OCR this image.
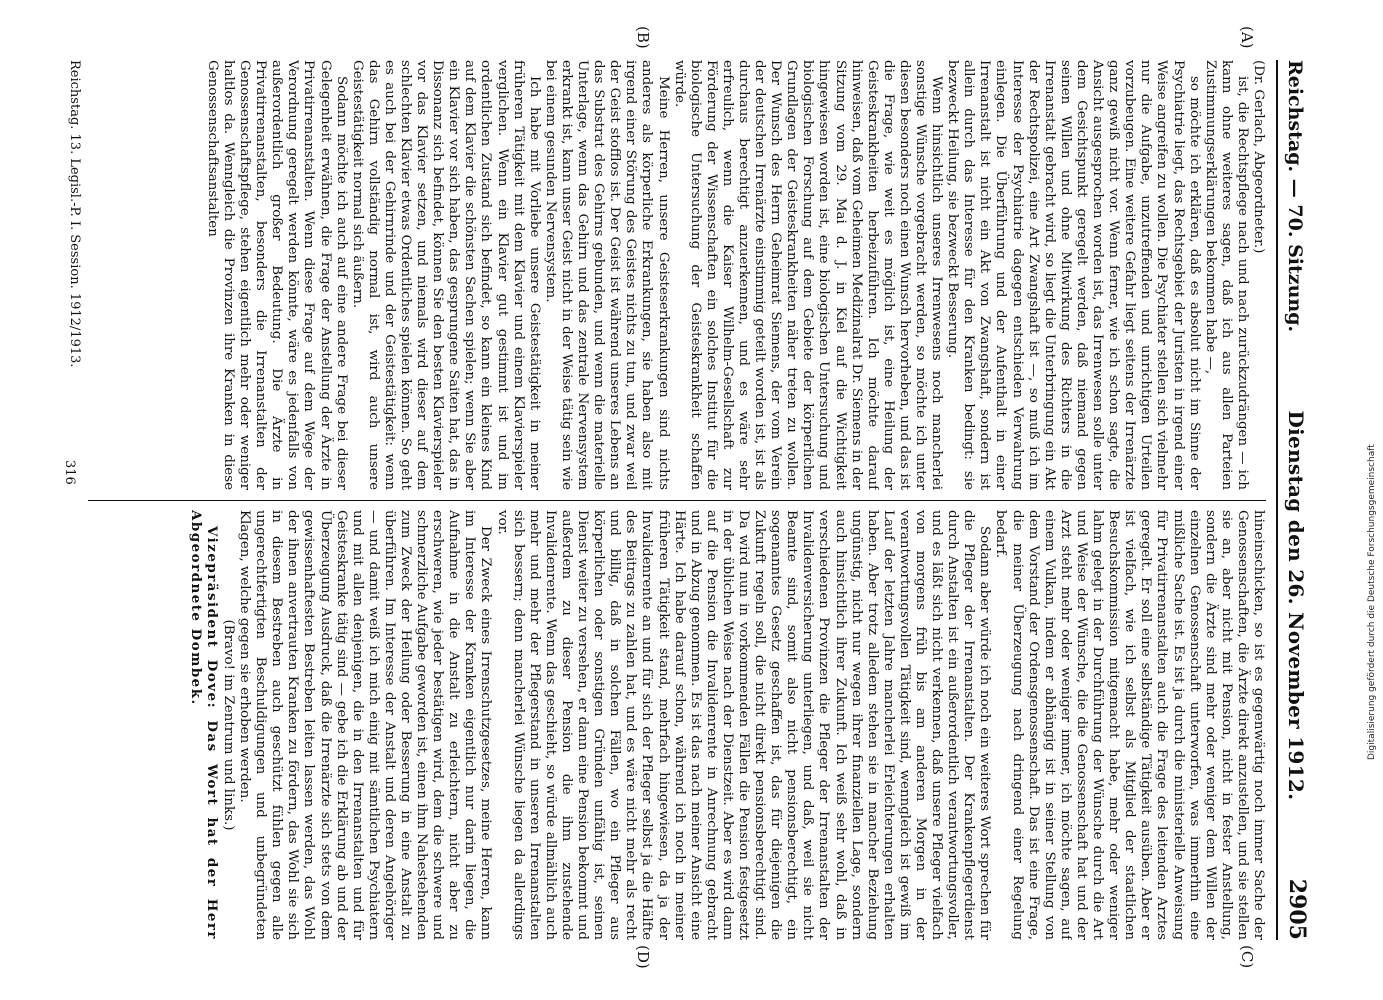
Reichstag. — 70. Sitzung.
Dienstag den 26. November 1912.
2905
(A)
(B)
(C)
(D)

(Dr. Gerlach, Abgeordneter.)

ist, die Rechtspflege nach und nach zurückzudrängen — ich kann ohne weiteres sagen, daß ich aus allen Parteien Zustimmungserklärungen bekommen habe —,

so möchte ich erklären, daß es absolut nicht im Sinne der Psychiatrie liegt, das Rechtsgebiet der Juristen in irgend einer Weise angreifen zu wollen. Die Psychiater stellen sich vielmehr nur die Aufgabe, unzutreffenden und unrichtigen Urteilen vorzubeugen. Eine weitere Gefahr liegt seitens der Irrenärzte ganz gewiß nicht vor. Wenn ferner, wie ich schon sagte, die Ansicht ausgesprochen worden ist, das Irrenwesen solle unter dem Gesichtspunkt geregelt werden, daß niemand gegen seinen Willen und ohne Mitwirkung des Richters in die Irrenanstalt gebracht wird, so liegt die Unterbringung ein Akt der Rechtspolizei, eine Art Zwangshaft ist —, so muß ich im Interesse der Psychiatrie dagegen entschieden Verwahrung einlegen. Die Überführung und der Aufenthalt in einer Irrenanstalt ist nicht ein Akt von Zwangshaft, sondern ist allein durch das Interesse für den Kranken bedingt: sie bezweckt Heilung, sie bezweckt Besserung.

Wenn hinsichtlich unseres Irrenwesens noch mancherlei sonstige Wünsche vorgebracht werden, so möchte ich unter diesen besonders noch einen Wunsch hervorheben, und das ist die Frage, wie weit es möglich ist, eine Heilung der Geisteskrankheiten herbeizuführen. Ich möchte darauf hinweisen, daß vom Geheimen Medizinalrat Dr. Siemens in der Sitzung vom 29. Mai d. J. in Kiel auf die Wichtigkeit hingewiesen worden ist, eine biologischen Untersuchung und biologischen Forschung auf dem Gebiete der körperlichen Grundlagen der Geisteskrankheiten näher treten zu wollen. Der Wunsch des Herrn Geheimrat Siemens, der vom Verein der deutschen Irrenärzte einstimmig geteilt worden ist, ist als durchaus berechtigt anzuerkennen, und es wäre sehr erfreulich, wenn die Kaiser Wilhelm-Gesellschaft zur Förderung der Wissenschaften ein solches Institut für die biologische Untersuchung der Geisteskrankheit schaffen würde.

Meine Herren, unsere Geisteserkrankungen sind nichts anderes als körperliche Erkrankungen, sie haben also mit irgend einer Störung des Geistes nichts zu tun, und zwar weil der Geist stofflos ist. Der Geist ist während unseres Lebens an das Substrat des Gehirns gebunden, und wenn die materielle Unterlage, wenn das Gehirn und das zentrale Nervensystem erkrankt ist, kann unser Geist nicht in der Weise tätig sein wie bei einem gesunden Nervensystem.

Ich habe mit Vorliebe unsere Geistestätigkeit in meiner früheren Tätigkeit mit dem Klavier und einem Klavierspieler verglichen. Wenn ein Klavier gut gestimmt ist und im ordentlichen Zustand sich befindet, so kann ein kleines Kind auf dem Klavier die schönsten Sachen spielen; wenn Sie aber ein Klavier vor sich haben, das gesprungene Saiten hat, das in Dissonanz sich befindet, können Sie den besten Klavierspieler vor das Klavier setzen, und niemals wird dieser auf dem schlechten Klavier etwas Ordentliches spielen können. So geht es auch bei der Gehirnrinde und der Geistestätigkeit: wenn das Gehirn vollständig normal ist, wird auch unsere Geistestätigkeit normal sich äußern.

Sodann möchte ich auch auf eine andere Frage bei dieser Gelegenheit erwähnen, die Frage der Anstellung der Ärzte in Privatirrenanstalten. Wenn diese Frage auf dem Wege der Verordnung geregelt werden könnte, wäre es jedenfalls von außerordentlich großer Bedeutung. Die Ärzte in Privatirrenanstalten, besonders die Irrenanstalten der Genossenschaftspflege, stehen eigentlich mehr oder weniger haltlos da. Wenngleich die Provinzen ihre Kranken in diese Genossenschaftsanstalten

hineinschicken, so ist es gegenwärtig noch immer Sache der Genossenschaften, die Ärzte direkt anzustellen, und sie stellen sie an, aber nicht mit Pension, nicht in fester Anstellung, sondern die Ärzte sind mehr oder weniger dem Willen der einzelnen Genossenschaft unterworfen, was immerhin eine mißliche Sache ist. Es ist ja durch die ministerielle Anweisung für Privatirrenanstalten auch die Frage des leitenden Arztes geregelt. Er soll eine selbständige Tätigkeit ausüben. Aber er ist vielfach, wie ich selbst als Mitglied der staatlichen Besuchskommission mitgemacht habe, mehr oder weniger lahm gelegt in der Durchführung der Wünsche durch die Art und Weise der Wünsche, die die Genossenschaft hat und der Arzt steht mehr oder weniger immer, ich möchte sagen, auf einem Vulkan, indem er abhängig ist in seiner Stellung von dem Vorstand der Ordensgenossenschaft. Das ist eine Frage, die meiner Überzeugung nach dringend einer Regelung bedarf.

Sodann aber würde ich noch ein weiteres Wort sprechen für die Pfleger der Irrenanstalten. Der Krankenpflegerdienst durch Anstalten ist ein außerordentlich verantwortungsvoller, und es läßt sich nicht verkennen, daß unsere Pfleger vielfach von morgens früh bis am anderen Morgen in der verantwortungsvollen Tätigkeit sind, wenngleich ist gewiß im Lauf der letzten Jahre mancherlei Erleichterungen erhalten haben. Aber trotz alledem stehen sie in mancher Beziehung ungünstig, nicht nur wegen ihrer finanziellen Lage, sondern auch hinsichtlich ihrer Zukunft. Ich weiß sehr wohl, daß in verschiedenen Provinzen die Pfleger der Irrenanstalten der Invalidenversicherung unterliegen, und daß, weil sie nicht Beamte sind, somit also nicht pensionsberechtigt, ein sogenanntes Gesetz geschaffen ist, das für diejenigen die Zukunft regeln soll, die nicht direkt pensionsberechtigt sind. Da wird nun in vorkommenden Fällen die Pension festgesetzt in der üblichen Weise nach der Dienstzeit. Aber es wird dann auf die Pension die Invalidenrente in Anrechnung gebracht und in Abzug genommen. Es ist das nach meiner Ansicht eine Härte. Ich habe darauf schon, während ich noch in meiner früheren Tätigkeit stand, mehrfach hingewiesen, da ja der Invalidenrente an und für sich der Pfleger selbst ja die Hälfte des Beitrags zu zahlen hat, und es wäre nicht mehr als recht und billig, daß in solchen Fällen, wo ein Pfleger aus körperlichen oder sonstigen Gründen unfähig ist, seinen Dienst weiter zu versehen, er dann eine Pension bekommt und außerdem zu dieser Pension die ihm zustehende Invalidenrente. Wenn das geschieht, so würde allmählich auch mehr und mehr der Pflegerstand in unseren Irrenanstalten sich bessern; denn mancherlei Wünsche liegen da allerdings vor.

Der Zweck eines Irrenschutzgesetzes, meine Herren, kann im Interesse der Kranken eigentlich nur darin liegen, die Aufnahme in die Anstalt zu erleichtern, nicht aber zu erschweren, wie jeder bestätigen wird, dem die schwere und schmerzliche Aufgabe geworden ist, einen ihm Nahestehenden zum Zweck der Heilung oder Besserung in eine Anstalt zu überführen. Im Interesse der Anstalt und deren Angehöriger — und damit weiß ich mich einig mit sämtlichen Psychiatern und mit allen denjenigen, die in den Irrenanstalten und für Geisteskranke tätig sind — gebe ich die Erklärung ab und der Überzeugung Ausdruck, daß die Irrenärzte sich stets von dem gewissenhaftesten Bestreben leiten lassen werden, das Wohl der ihnen anvertrauten Kranken zu fördern, das Wohl sie sich in diesem Bestreben auch geschützt fühlen gegen alle ungerechtfertigten Beschuldigungen und unbegründeten Klagen, welche gegen sie erhoben werden.

(Bravo! im Zentrum und links.)

Vizepräsident Dove: Das Wort hat der Herr Abgeordnete Dombek.

Reichstag. 13. Legisl.-P. I. Session. 1912/1913.
316	Digitalisierung gefördert durch die Deutsche Forschungsgemeinschaft
